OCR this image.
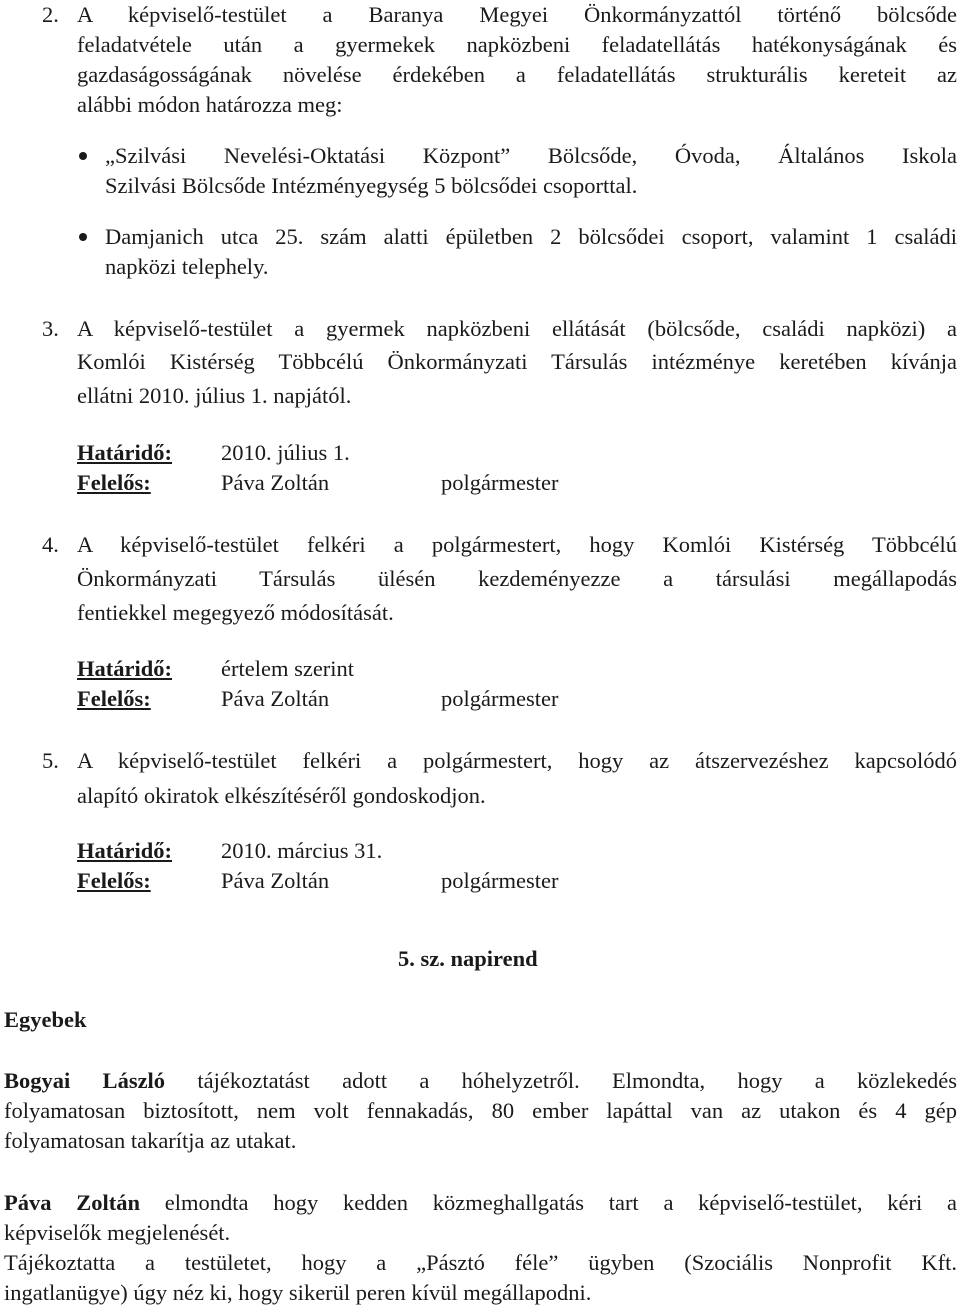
2. A képviselő-testület a Baranya Megyei Önkormányzattól történő bölcsőde
feladatvétele után a gyermekek napközbeni feladatellátás hatékonyságának és
gazdaságosságának növelése érdekében a feladatellátás strukturális kereteit az
alábbi módon határozza meg:
„Szilvási Nevelési-Oktatási Központ” Bölcsőde, Óvoda, Általános Iskola
Szilvási Bölcsőde Intézményegység 5 bölcsődei csoporttal.
Damjanich utca 25. szám alatti épületben 2 bölcsődei csoport, valamint 1 családi
napközi telephely.
3. A képviselő-testület a gyermek napközbeni ellátását (bölcsőde, családi napközi) a
Komlói Kistérség Többcélú Önkormányzati Társulás intézménye keretében kívánja
ellátni 2010. július 1. napjától.
Határidő: 2010. július 1.
Felelős:	Páva Zoltán	polgármester
4. A képviselő-testület felkéri a polgármestert, hogy Komlói Kistérség Többcélú
Önkormányzati Társulás ülésén kezdeményezze a társulási megállapodás
fentiekkel megegyező módosítását.
Határidő: értelem szerint
Felelős:	Páva Zoltán	polgármester
5. A képviselő-testület felkéri a polgármestert, hogy az átszervezéshez kapcsolódó
alapító okiratok elkészítéséről gondoskodjon.
Határidő: 2010. március 31.
Felelős:	Páva Zoltán	polgármester
5. sz. napirend
Egyebek
Bogyai László tájékoztatást adott a hóhelyzetről. Elmondta, hogy a közlekedés
folyamatosan biztosított, nem volt fennakadás, 80 ember lapáttal van az utakon és 4 gép
folyamatosan takarítja az utakat.
Páva Zoltán elmondta hogy kedden közmeghallgatás tart a képviselő-testület, kéri a
képviselők megjelenését.
Tájékoztatta a testületet, hogy a „Pásztó féle” ügyben (Szociális Nonprofit Kft.
ingatlanügye) úgy néz ki, hogy sikerül peren kívül megállapodni.
